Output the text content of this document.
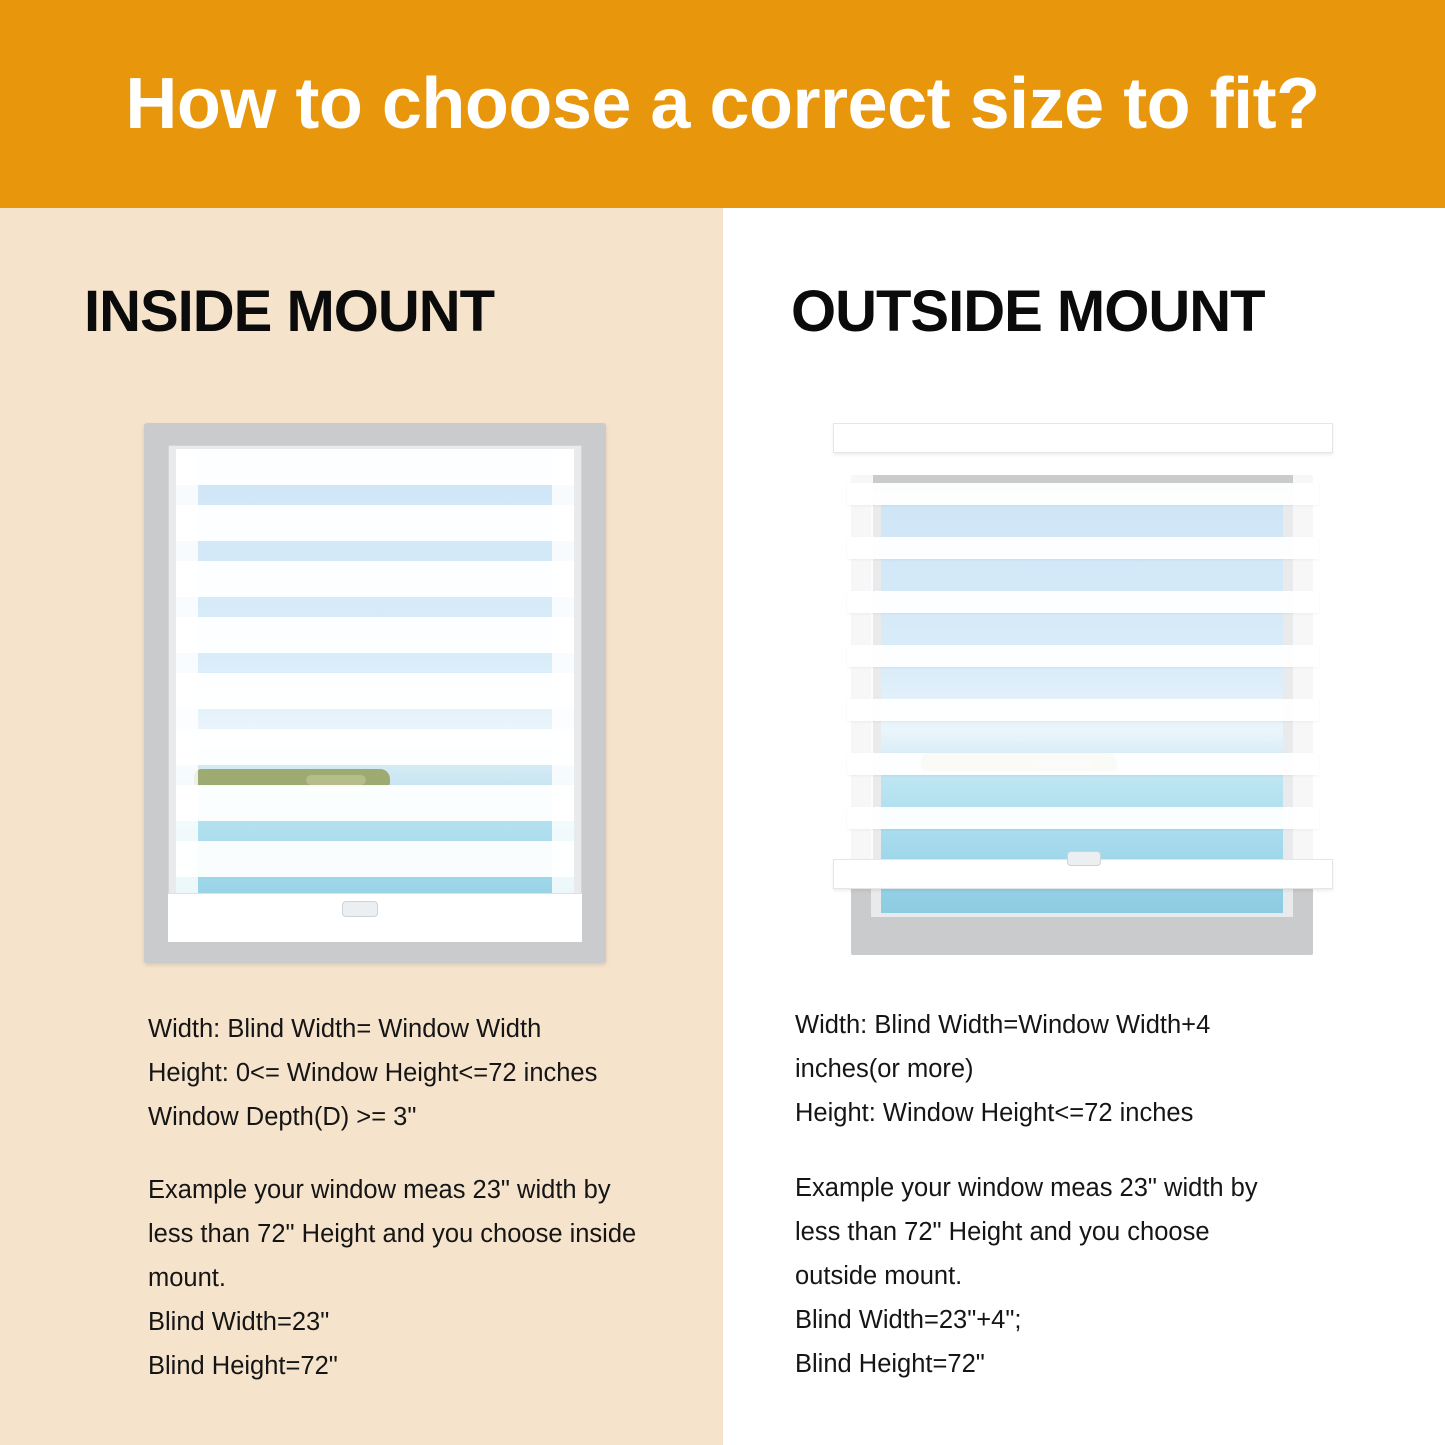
How to choose a correct size to fit?
INSIDE MOUNT
Width: Blind Width= Window Width
Height: 0<= Window Height<=72 inches
Window Depth(D) >= 3"
Example your window meas 23" width by
less than 72" Height and you choose inside
mount.
Blind Width=23"
Blind Height=72"
OUTSIDE MOUNT
Width: Blind Width=Window Width+4
inches(or more)
Height: Window Height<=72 inches
Example your window meas 23" width by
less than 72" Height and you choose
outside mount.
Blind Width=23"+4";
Blind Height=72"
